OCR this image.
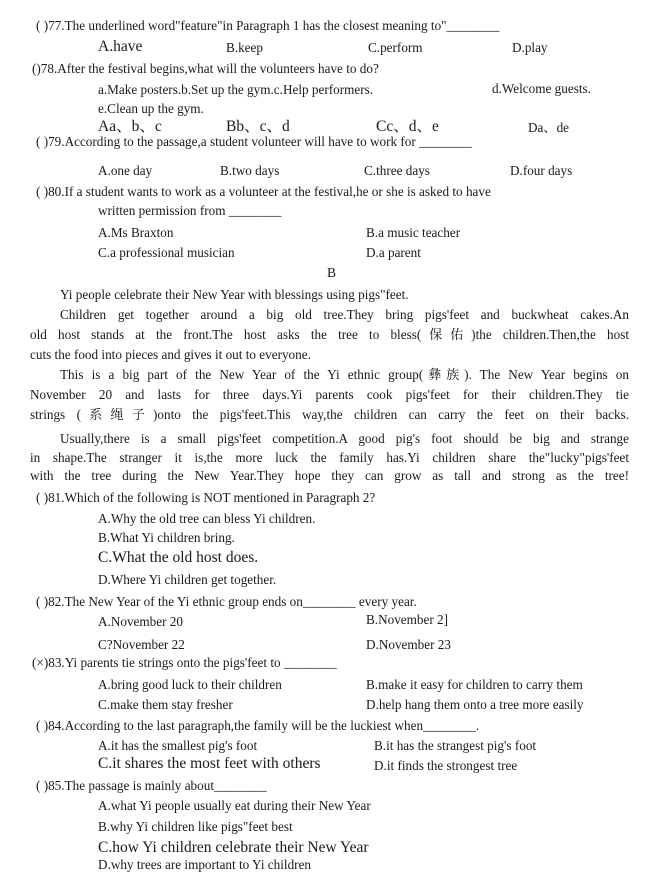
( )77.The underlined word"feature"in Paragraph 1 has the closest meaning to"________
A.have	B.keep	C.perform	D.play
()78.After the festival begins,what will the volunteers have to do?
a.Make posters.b.Set up the gym.c.Help performers.	d.Welcome guests.
e.Clean up the gym.
Aa、b、c	Bb、c、d	Cc、d、e	Da、de
( )79.According to the passage,a student volunteer will have to work for ________
A.one day	B.two days	C.three days	D.four days
( )80.If a student wants to work as a volunteer at the festival,he or she is asked to have
written permission from ________
A.Ms Braxton	B.a music teacher
C.a professional musician	D.a parent
B
Yi people celebrate their New Year with blessings using pigs"feet.
Children get together around a big old tree.They bring pigs'feet and buckwheat cakes.An
old host stands at the front.The host asks the tree to bless(保佑)the children.Then,the host
cuts the food into pieces and gives it out to everyone.
This is a big part of the New Year of the Yi ethnic group(彝族). The New Year begins on
November 20 and lasts for three days.Yi parents cook pigs'feet for their children.They tie
strings (系绳子)onto the pigs'feet.This way,the children can carry the feet on their backs.
Usually,there is a small pigs'feet competition.A good pig's foot should be big and strange
in shape.The stranger it is,the more luck the family has.Yi children share the"lucky"pigs'feet
with the tree during the New Year.They hope they can grow as tall and strong as the tree!
( )81.Which of the following is NOT mentioned in Paragraph 2?
A.Why the old tree can bless Yi children.
B.What Yi children bring.
C.What the old host does.
D.Where Yi children get together.
( )82.The New Year of the Yi ethnic group ends on________ every year.
A.November 20	B.November 2]
C?November 22	D.November 23
(×)83.Yi parents tie strings onto the pigs'feet to ________
A.bring good luck to their children	B.make it easy for children to carry them
C.make them stay fresher	D.help hang them onto a tree more easily
( )84.According to the last paragraph,the family will be the luckiest when________.
A.it has the smallest pig's foot	B.it has the strangest pig's foot
C.it shares the most feet with others	D.it finds the strongest tree
( )85.The passage is mainly about________
A.what Yi people usually eat during their New Year
B.why Yi children like pigs"feet best
C.how Yi children celebrate their New Year
D.why trees are important to Yi children
